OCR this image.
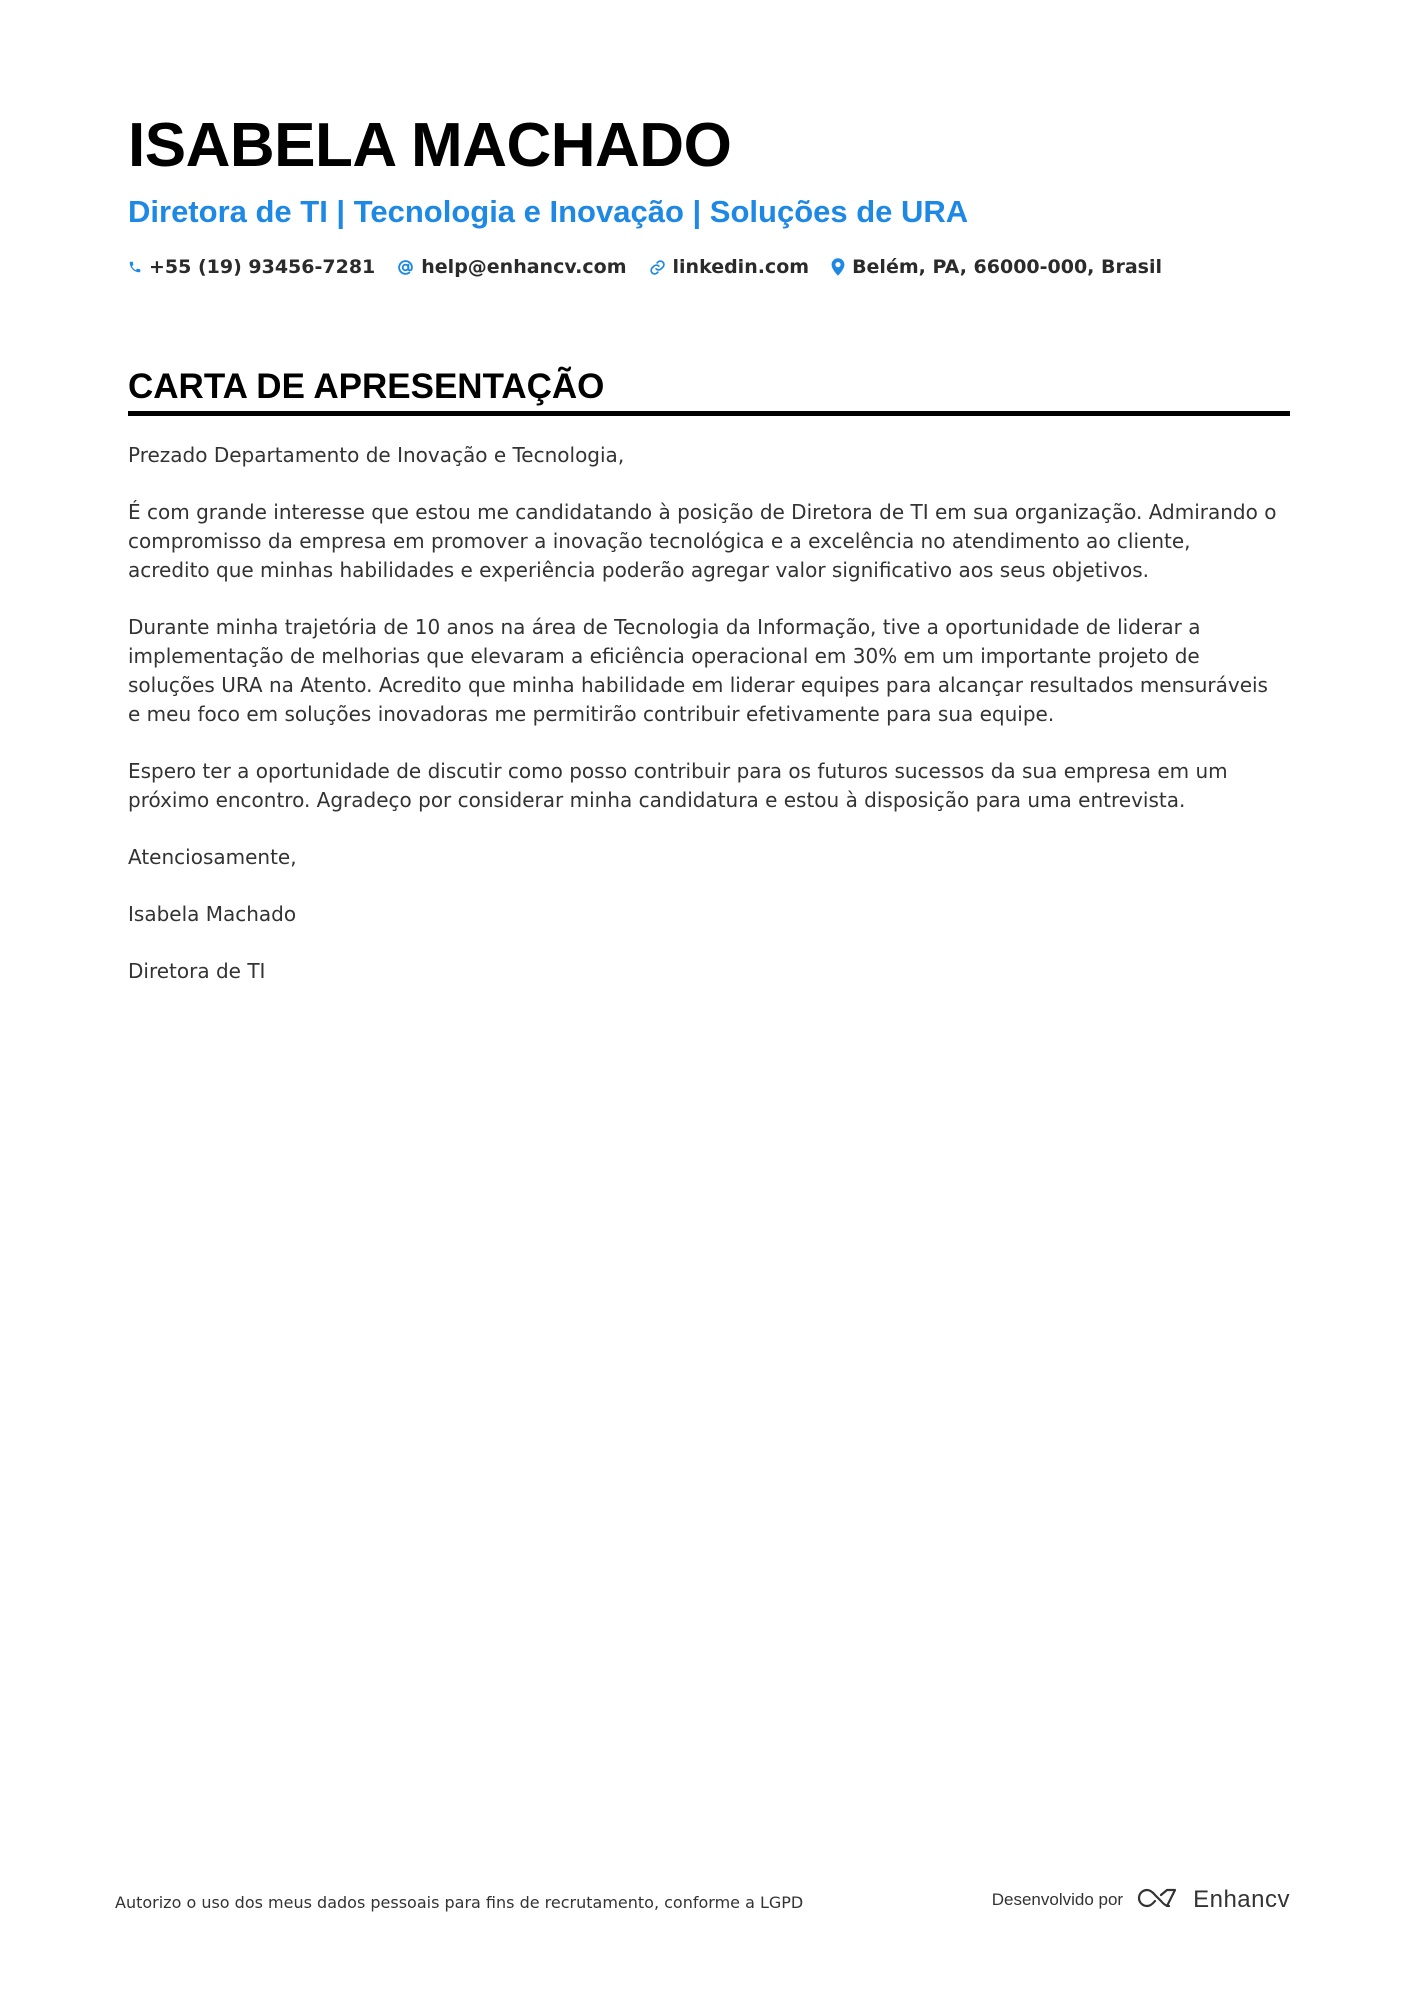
ISABELA MACHADO
Diretora de TI | Tecnologia e Inovação | Soluções de URA
+55 (19) 93456-7281 help@enhancv.com linkedin.com Belém, PA, 66000-000, Brasil
CARTA DE APRESENTAÇÃO

Prezado Departamento de Inovação e Tecnologia,

É com grande interesse que estou me candidatando à posição de Diretora de TI em sua organização. Admirando o compromisso da empresa em promover a inovação tecnológica e a excelência no atendimento ao cliente, acredito que minhas habilidades e experiência poderão agregar valor significativo aos seus objetivos.

Durante minha trajetória de 10 anos na área de Tecnologia da Informação, tive a oportunidade de liderar a implementação de melhorias que elevaram a eficiência operacional em 30% em um importante projeto de soluções URA na Atento. Acredito que minha habilidade em liderar equipes para alcançar resultados mensuráveis e meu foco em soluções inovadoras me permitirão contribuir efetivamente para sua equipe.

Espero ter a oportunidade de discutir como posso contribuir para os futuros sucessos da sua empresa em um próximo encontro. Agradeço por considerar minha candidatura e estou à disposição para uma entrevista.

Atenciosamente,

Isabela Machado

Diretora de TI

Autorizo o uso dos meus dados pessoais para fins de recrutamento, conforme a LGPD	Desenvolvido por	Enhancv
